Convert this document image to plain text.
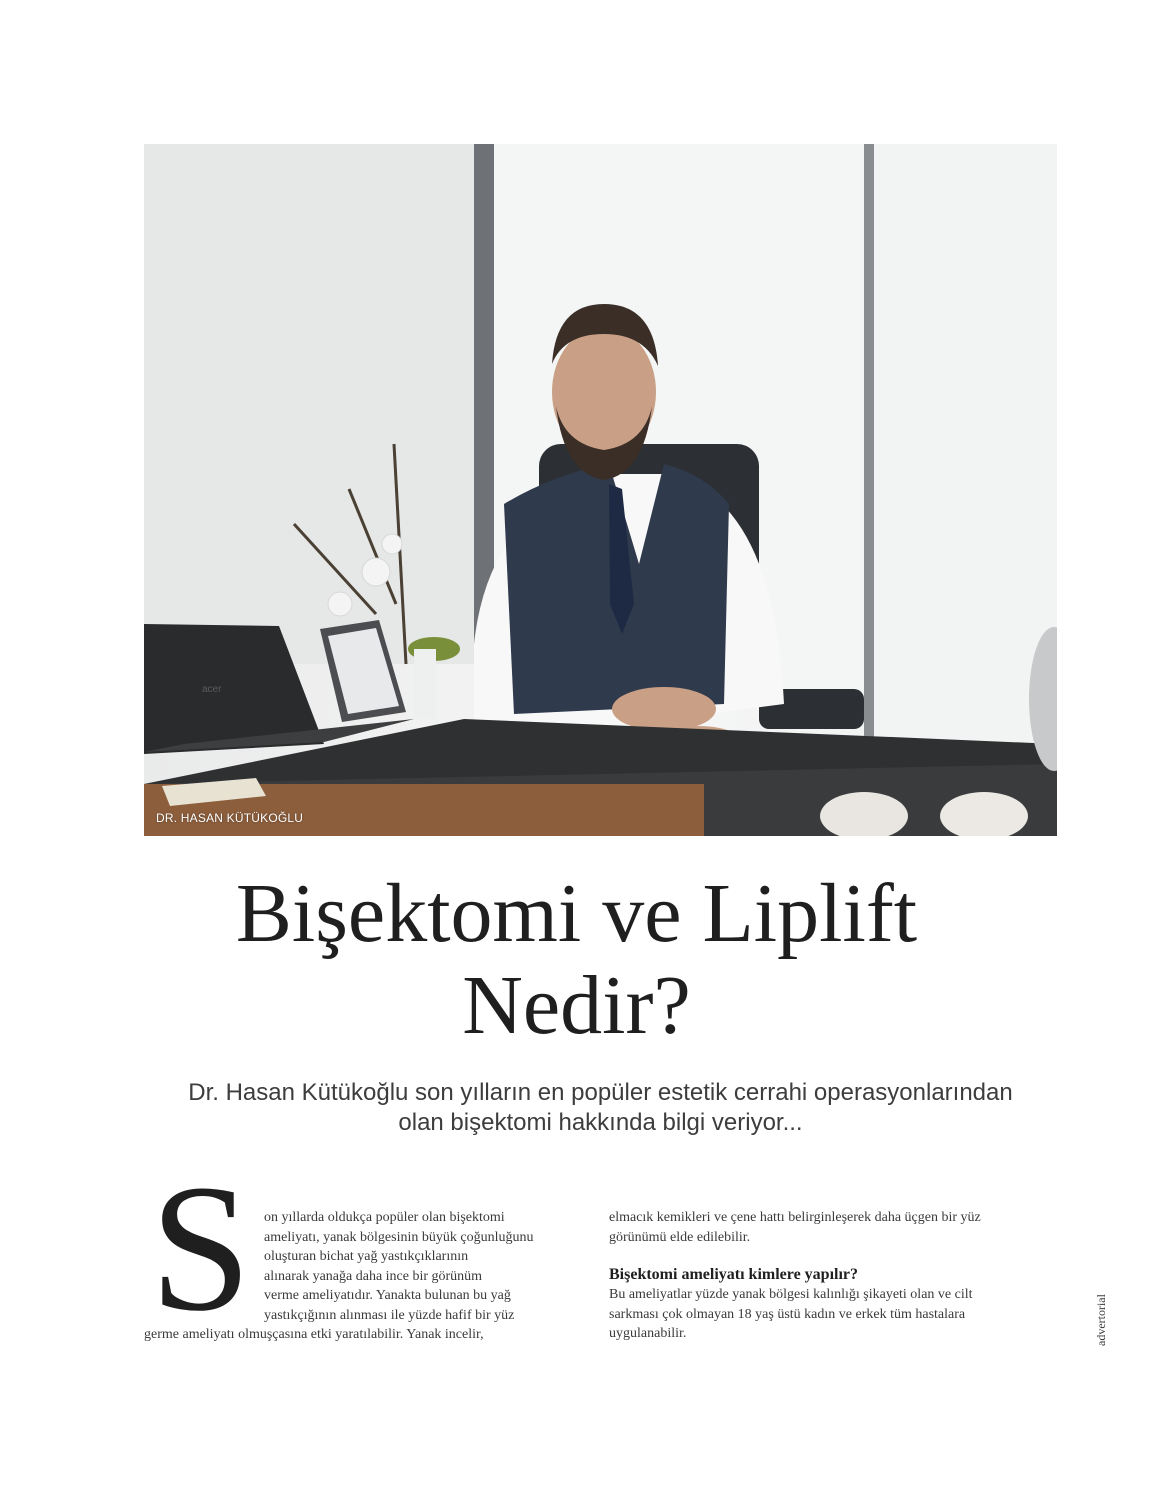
acer
DR. HASAN KÜTÜKOĞLU
Bişektomi ve Liplift
Nedir?

Dr. Hasan Kütükoğlu son yılların en popüler estetik cerrahi operasyonlarından
olan bişektomi hakkında bilgi veriyor...

S on yıllarda oldukça popüler olan bişektomi
ameliyatı, yanak bölgesinin büyük çoğunluğunu
oluşturan bichat yağ yastıkçıklarının
alınarak yanağa daha ince bir görünüm
verme ameliyatıdır. Yanakta bulunan bu yağ
yastıkçığının alınması ile yüzde hafif bir yüz
germe ameliyatı olmuşçasına etki yaratılabilir. Yanak incelir,
elmacık kemikleri ve çene hattı belirginleşerek daha üçgen bir yüz
görünümü elde edilebilir.
Bişektomi ameliyatı kimlere yapılır?
Bu ameliyatlar yüzde yanak bölgesi kalınlığı şikayeti olan ve cilt
sarkması çok olmayan 18 yaş üstü kadın ve erkek tüm hastalara
uygulanabilir.	advertorial
